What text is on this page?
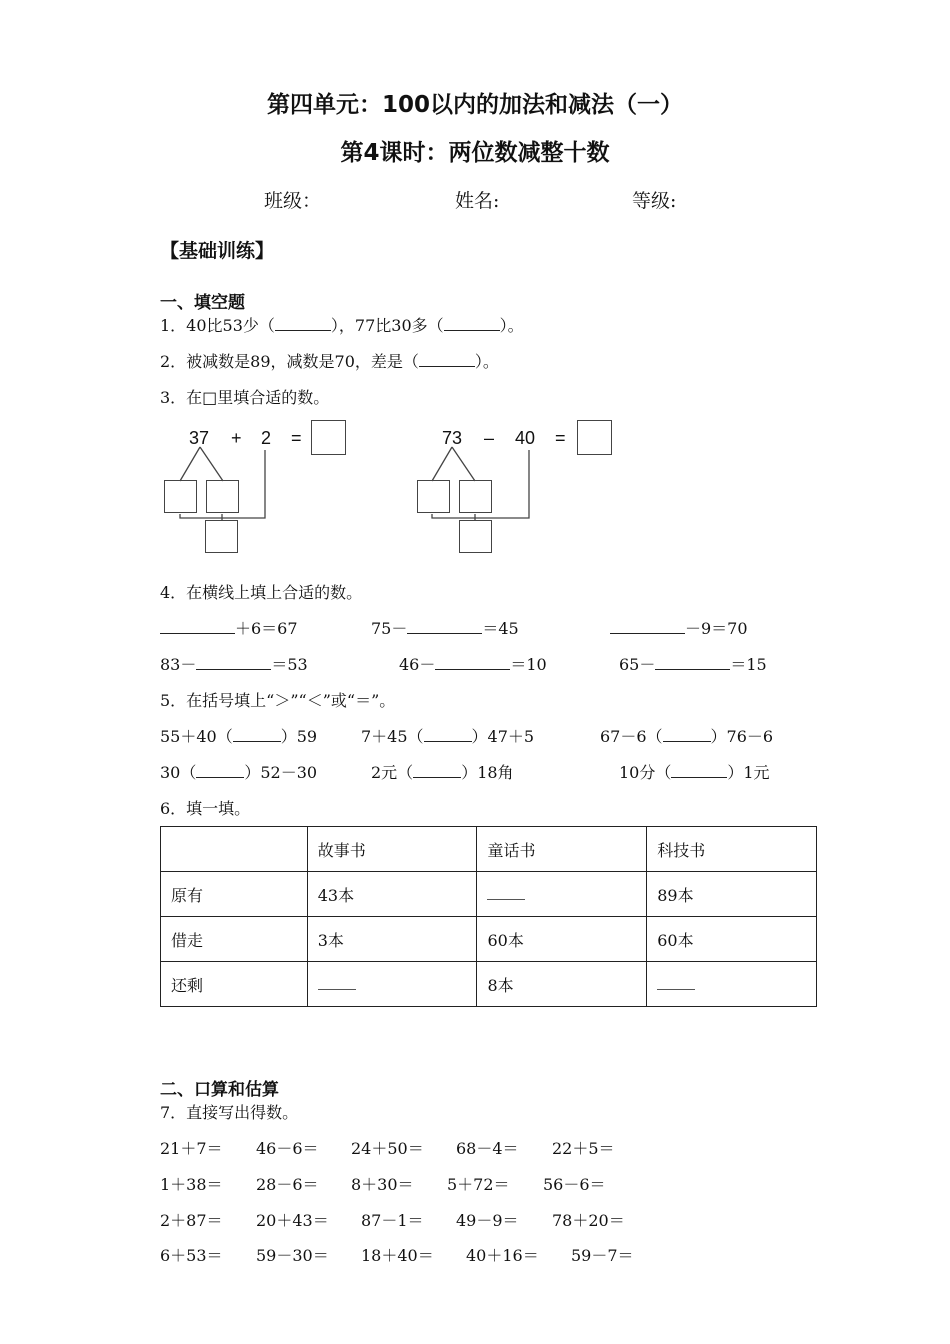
第四单元：100以内的加法和减法（一）
第4课时：两位数减整十数
班级：	姓名:	等级:
【基础训练】
一、填空题
1．40比53少（	），77比30多（	）。
2．被减数是89，减数是70，差是（	）。
3．在□里填合适的数。
37 + 2 =	73 – 40 =
4．在横线上填上合适的数。
＋6＝67	75－	＝45	－9＝70
83－	＝53	46－	＝10	65－	＝15
5．在括号填上“＞”“＜”或“＝”。
55＋40（	）59	7＋45（	）47＋5	67－6（	）76－6
30（	）52－30	2元（	）18角	10分（	）1元
6．填一填。
	故事书	童话书	科技书
原有	43本		89本
借走	3本	60本	60本
还剩		8本	
二、口算和估算
7．直接写出得数。
21＋7＝ 46－6＝ 24＋50＝ 68－4＝ 22＋5＝
1＋38＝ 28－6＝ 8＋30＝ 5＋72＝ 56－6＝
2＋87＝ 20＋43＝ 87－1＝ 49－9＝ 78＋20＝
6＋53＝ 59－30＝ 18＋40＝ 40＋16＝ 59－7＝
